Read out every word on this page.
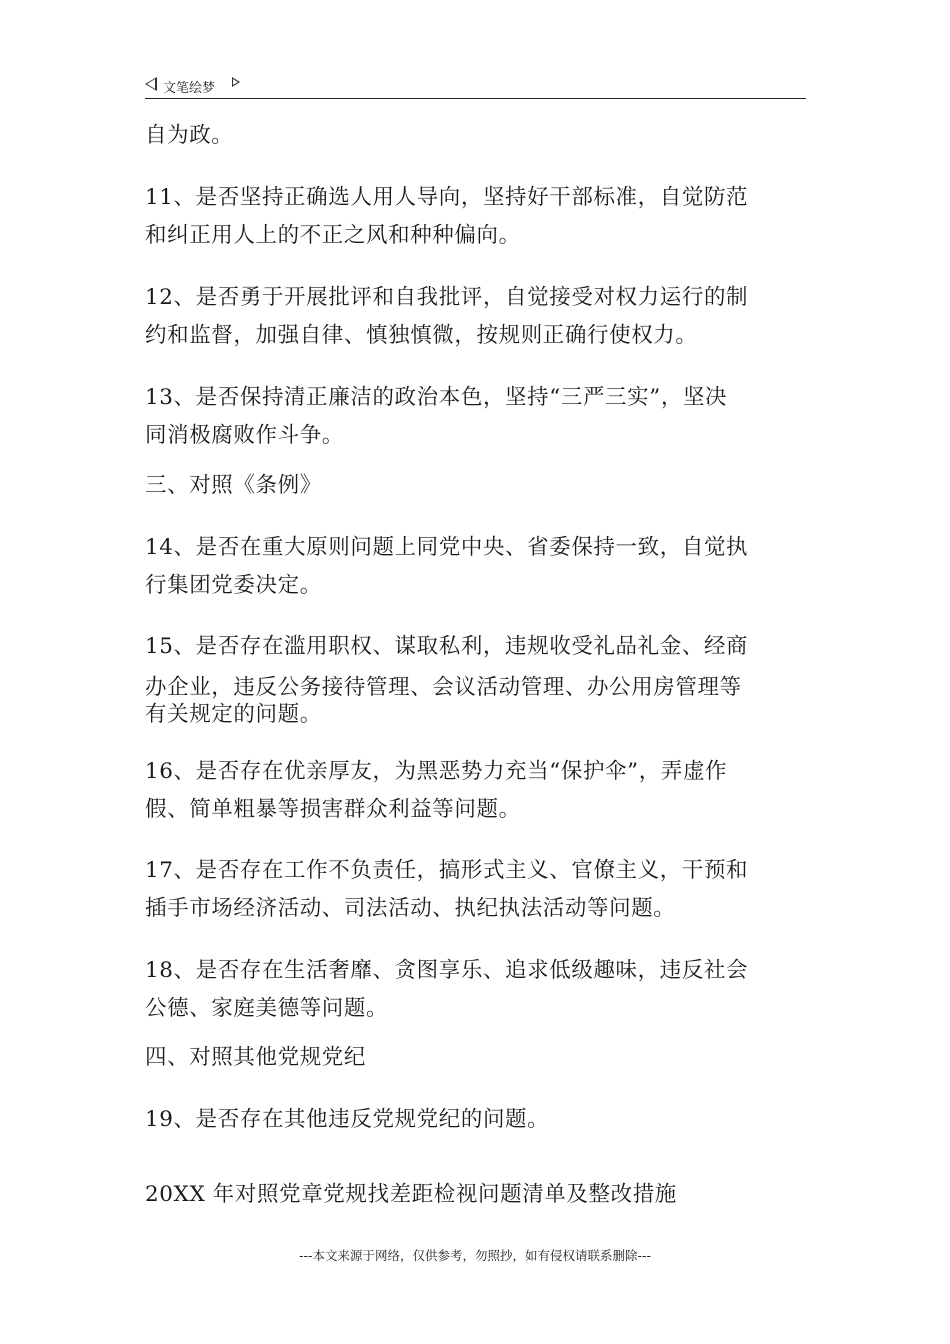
文笔绘梦
自为政。
11、是否坚持正确选人用人导向，坚持好干部标准，自觉防范
和纠正用人上的不正之风和种种偏向。
12、是否勇于开展批评和自我批评，自觉接受对权力运行的制
约和监督，加强自律、慎独慎微，按规则正确行使权力。
13、是否保持清正廉洁的政治本色，坚持“三严三实”，坚决
同消极腐败作斗争。
三、对照《条例》
14、是否在重大原则问题上同党中央、省委保持一致，自觉执
行集团党委决定。
15、是否存在滥用职权、谋取私利，违规收受礼品礼金、经商
办企业，违反公务接待管理、会议活动管理、办公用房管理等
有关规定的问题。
16、是否存在优亲厚友，为黑恶势力充当“保护伞”，弄虚作
假、简单粗暴等损害群众利益等问题。
17、是否存在工作不负责任，搞形式主义、官僚主义，干预和
插手市场经济活动、司法活动、执纪执法活动等问题。
18、是否存在生活奢靡、贪图享乐、追求低级趣味，违反社会
公德、家庭美德等问题。
四、对照其他党规党纪
19、是否存在其他违反党规党纪的问题。
20XX 年对照党章党规找差距检视问题清单及整改措施
---本文来源于网络，仅供参考，勿照抄，如有侵权请联系删除---
